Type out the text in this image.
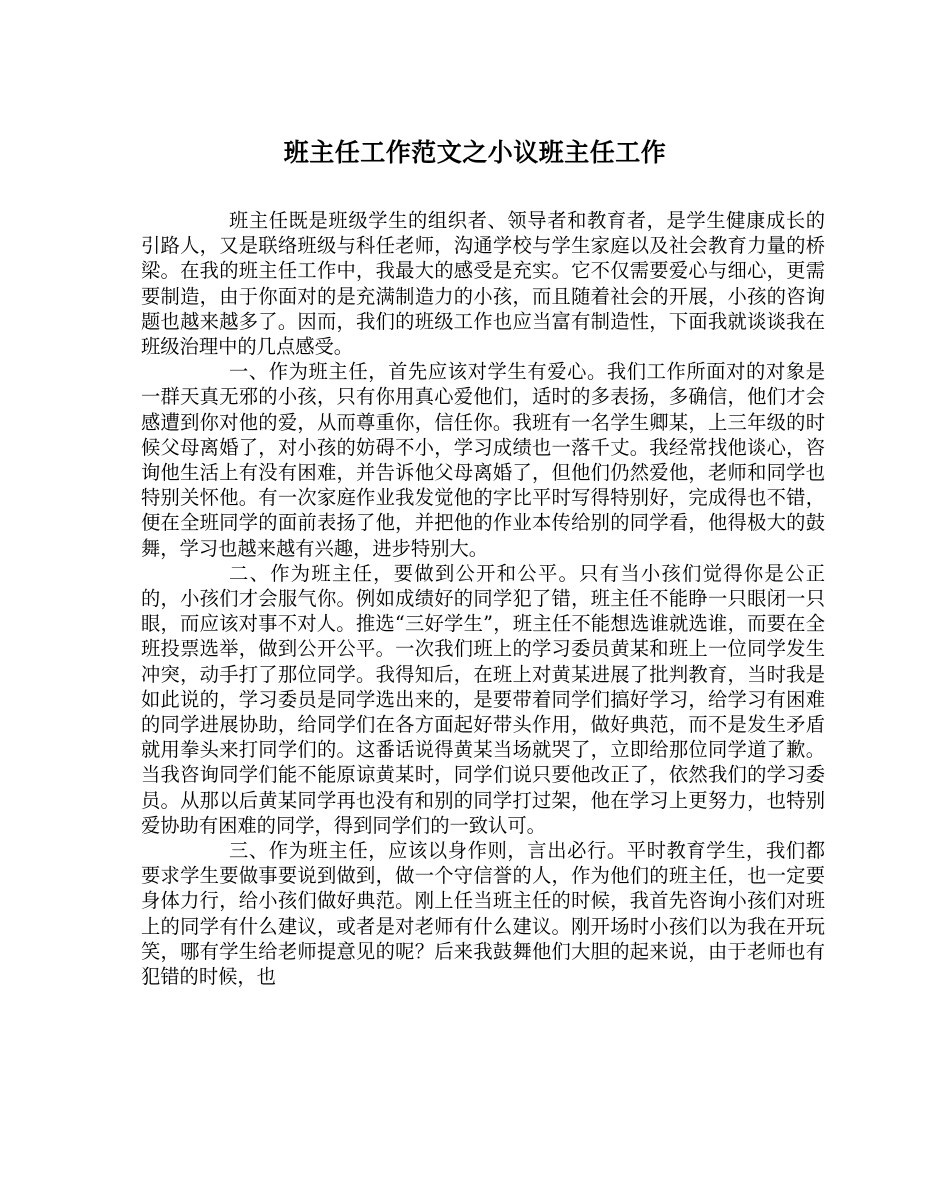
班主任工作范文之小议班主任工作

班主任既是班级学生的组织者、领导者和教育者，是学生健康成长的引路人，又是联络班级与科任老师，沟通学校与学生家庭以及社会教育力量的桥梁。在我的班主任工作中，我最大的感受是充实。它不仅需要爱心与细心，更需要制造，由于你面对的是充满制造力的小孩，而且随着社会的开展，小孩的咨询题也越来越多了。因而，我们的班级工作也应当富有制造性，下面我就谈谈我在班级治理中的几点感受。

一、作为班主任，首先应该对学生有爱心。我们工作所面对的对象是一群天真无邪的小孩，只有你用真心爱他们，适时的多表扬，多确信，他们才会感遭到你对他的爱，从而尊重你，信任你。我班有一名学生卿某，上三年级的时候父母离婚了，对小孩的妨碍不小，学习成绩也一落千丈。我经常找他谈心，咨询他生活上有没有困难，并告诉他父母离婚了，但他们仍然爱他，老师和同学也特别关怀他。有一次家庭作业我发觉他的字比平时写得特别好，完成得也不错，便在全班同学的面前表扬了他，并把他的作业本传给别的同学看，他得极大的鼓舞，学习也越来越有兴趣，进步特别大。

二、作为班主任，要做到公开和公平。只有当小孩们觉得你是公正的，小孩们才会服气你。例如成绩好的同学犯了错，班主任不能睁一只眼闭一只眼，而应该对事不对人。推选“三好学生”，班主任不能想选谁就选谁，而要在全班投票选举，做到公开公平。一次我们班上的学习委员黄某和班上一位同学发生冲突，动手打了那位同学。我得知后，在班上对黄某进展了批判教育，当时我是如此说的，学习委员是同学选出来的，是要带着同学们搞好学习，给学习有困难的同学进展协助，给同学们在各方面起好带头作用，做好典范，而不是发生矛盾就用拳头来打同学们的。这番话说得黄某当场就哭了，立即给那位同学道了歉。当我咨询同学们能不能原谅黄某时，同学们说只要他改正了，依然我们的学习委员。从那以后黄某同学再也没有和别的同学打过架，他在学习上更努力，也特别爱协助有困难的同学，得到同学们的一致认可。

三、作为班主任，应该以身作则，言出必行。平时教育学生，我们都要求学生要做事要说到做到，做一个守信誉的人，作为他们的班主任，也一定要身体力行，给小孩们做好典范。刚上任当班主任的时候，我首先咨询小孩们对班上的同学有什么建议，或者是对老师有什么建议。刚开场时小孩们以为我在开玩笑，哪有学生给老师提意见的呢？后来我鼓舞他们大胆的起来说，由于老师也有犯错的时候，也
